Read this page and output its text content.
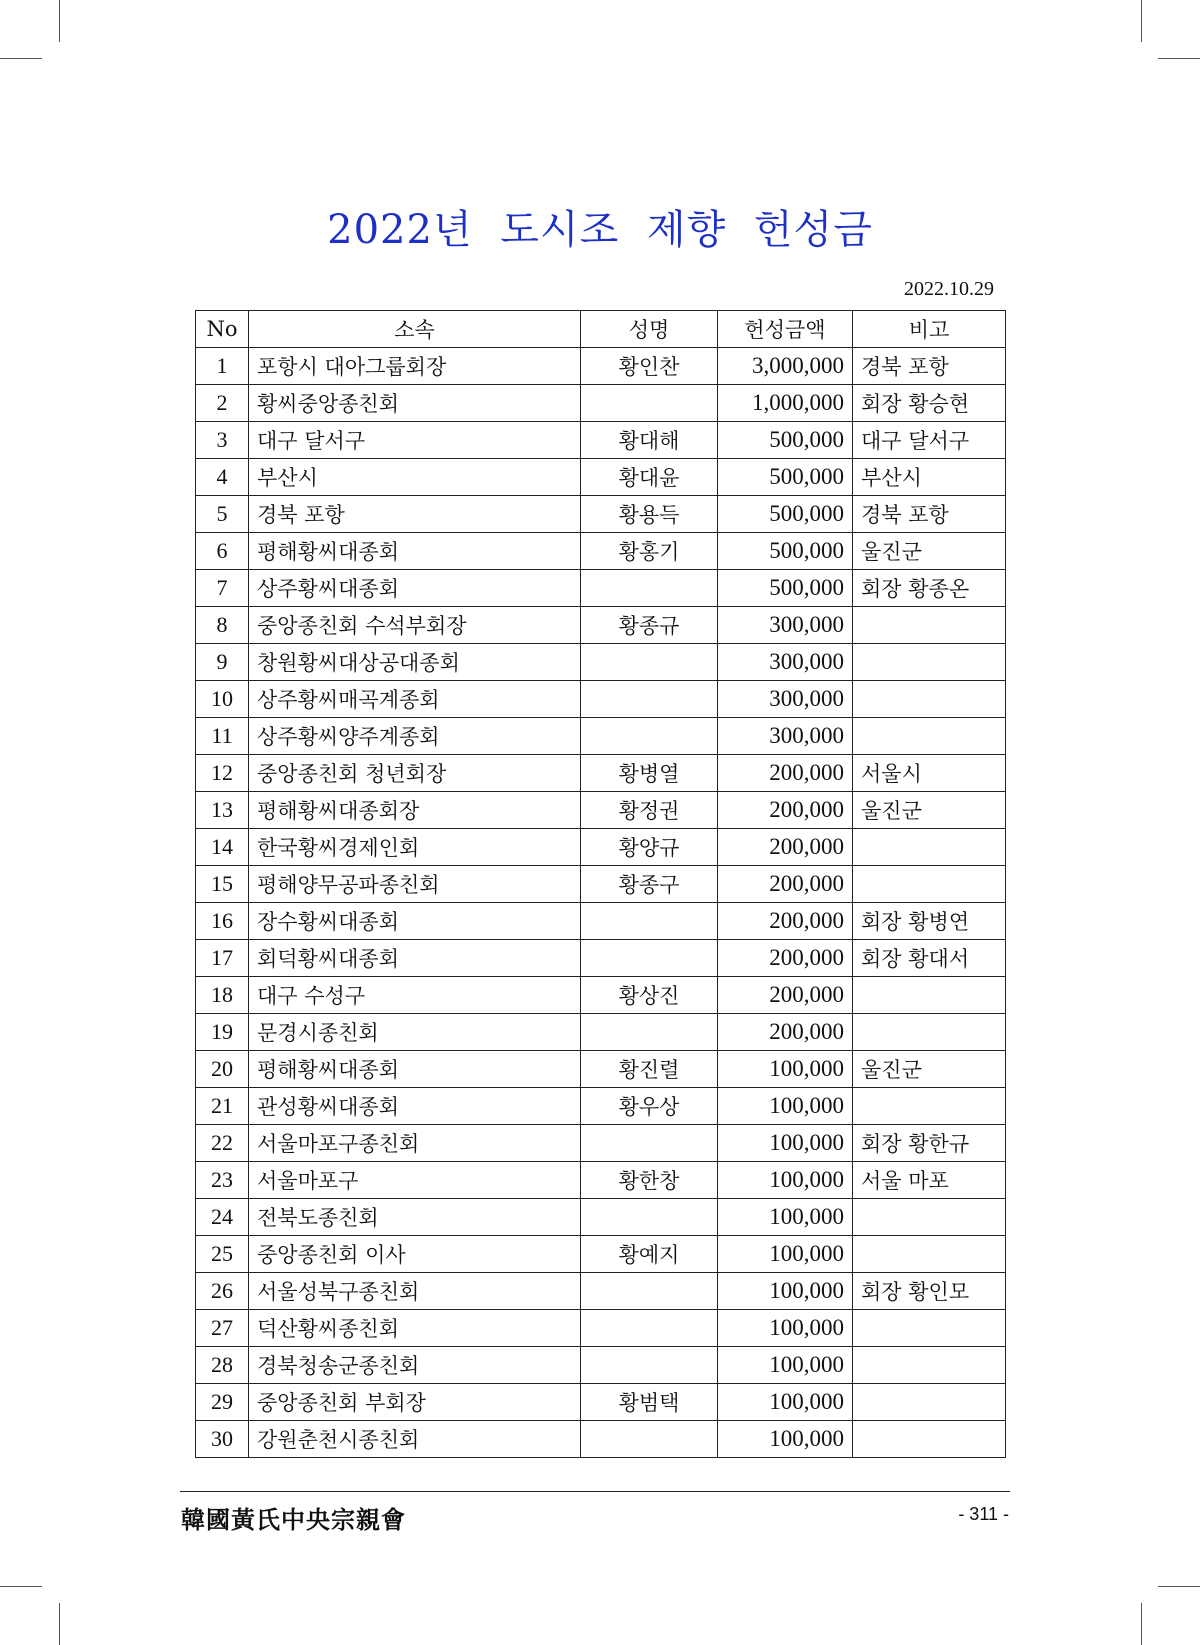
2022년 도시조 제향 헌성금
2022.10.29
No	소속	성명	헌성금액	비고
1	포항시 대아그룹회장	황인찬	3,000,000	경북 포항
2	황씨중앙종친회		1,000,000	회장 황승현
3	대구 달서구	황대해	500,000	대구 달서구
4	부산시	황대윤	500,000	부산시
5	경북 포항	황용득	500,000	경북 포항
6	평해황씨대종회	황홍기	500,000	울진군
7	상주황씨대종회		500,000	회장 황종온
8	중앙종친회 수석부회장	황종규	300,000	
9	창원황씨대상공대종회		300,000	
10	상주황씨매곡계종회		300,000	
11	상주황씨양주계종회		300,000	
12	중앙종친회 청년회장	황병열	200,000	서울시
13	평해황씨대종회장	황정권	200,000	울진군
14	한국황씨경제인회	황양규	200,000	
15	평해양무공파종친회	황종구	200,000	
16	장수황씨대종회		200,000	회장 황병연
17	회덕황씨대종회		200,000	회장 황대서
18	대구 수성구	황상진	200,000	
19	문경시종친회		200,000	
20	평해황씨대종회	황진렬	100,000	울진군
21	관성황씨대종회	황우상	100,000	
22	서울마포구종친회		100,000	회장 황한규
23	서울마포구	황한창	100,000	서울 마포
24	전북도종친회		100,000	
25	중앙종친회 이사	황예지	100,000	
26	서울성북구종친회		100,000	회장 황인모
27	덕산황씨종친회		100,000	
28	경북청송군종친회		100,000	
29	중앙종친회 부회장	황범택	100,000	
30	강원춘천시종친회		100,000	
韓國黃氏中央宗親會	- 311 -
